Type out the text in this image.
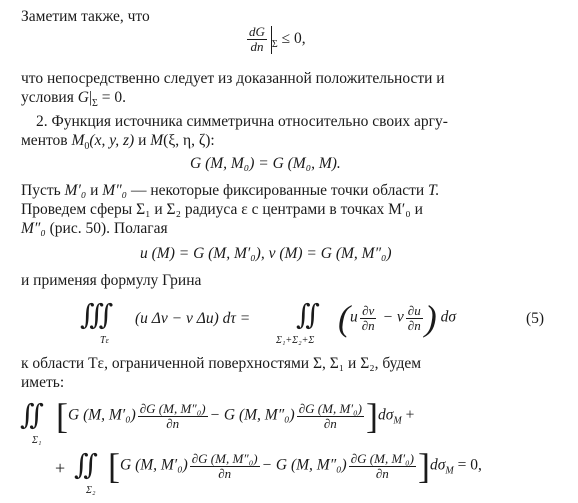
Заметим также, что
$\frac{dG}{dn} _\Sigma \le 0$,
что непосредственно следует из доказанной положительности и
условия $G|_\Sigma = 0$.
2. Функция источника симметрична относительно своих аргу-
ментов $M_0(x$, y, z) и M(ξ, η, ζ):
G (M, M₀) = G (M₀, M).
Пусть M′₀ и M″₀ — некоторые фиксированные точки области T.
Проведем сферы Σ₁ и Σ₂ радиуса ε с центрами в точках M′₀ и
M″₀ (рис. 50). Полагая
u (M) = G (M, M′₀), v (M) = G (M, M″₀)
и применяя формулу Грина
∭
Tε
(u Δv − v Δu) dτ = ∬
Σ₁+Σ₂+Σ
($u \frac{\partial v}{\partial n} - v \frac{\partial u}{\partial n}$ ) dσ	(5)
к области Tε, ограниченной поверхностями Σ, Σ₁ и Σ₂, будем
иметь:
∬
Σ₁
[G (M, $M'_0) \frac{\text{∂G (M, M″₀)}}{\partial n} - G$ (M, $M''_0) \frac{\text{∂G (M, M′₀)}}{\partial n} ]d\sigma_M$ +
+ ∬
Σ₂
[G (M, $M'_0) \frac{\text{∂G (M, M″₀)}}{\partial n} - G$ (M, $M''_0) \frac{\text{∂G (M, M′₀)}}{\partial n} ]d\sigma_M = 0$,
